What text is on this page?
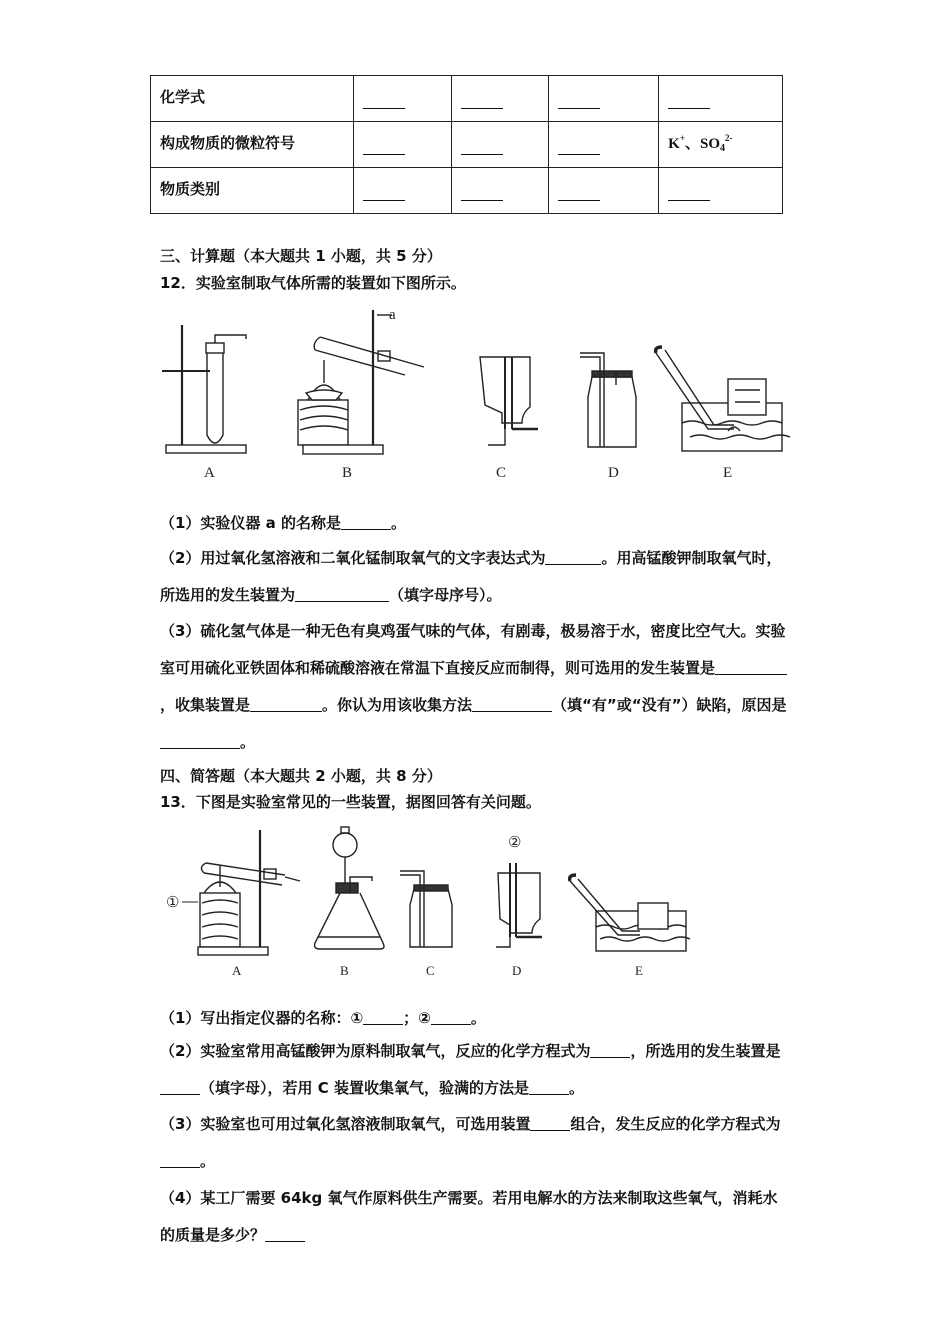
化学式	

构成物质的微粒符号				K+、$SO_4^{2-}$
物质类别	

三、计算题（本大题共 1 小题，共 5 分）
12．实验室制取气体所需的装置如下图所示。
A	B	C	D	E
a
（1）实验仪器 a 的名称是	。
（2）用过氧化氢溶液和二氧化锰制取氧气的文字表达式为	。用高锰酸钾制取氧气时，所选用的发生装置为	（填字母序号）。
（3）硫化氢气体是一种无色有臭鸡蛋气味的气体，有剧毒，极易溶于水，密度比空气大。实验室可用硫化亚铁固体和稀硫酸溶液在常温下直接反应而制得，则可选用的发生装置是，收集装置是	。你认为用该收集方法	（填“有”或“没有”）缺陷，原因是。
四、简答题（本大题共 2 小题，共 8 分）
13．下图是实验室常见的一些装置，据图回答有关问题。
A	B	C	D	E
①
②
（1）写出指定仪器的名称：①	；②	。
（2）实验室常用高锰酸钾为原料制取氧气，反应的化学方程式为	，所选用的发生装置是（填字母），若用 C 装置收集氧气，验满的方法是	。
（3）实验室也可用过氧化氢溶液制取氧气，可选用装置	组合，发生反应的化学方程式为。
（4）某工厂需要 64kg 氧气作原料供生产需要。若用电解水的方法来制取这些氧气，消耗水的质量是多少？
